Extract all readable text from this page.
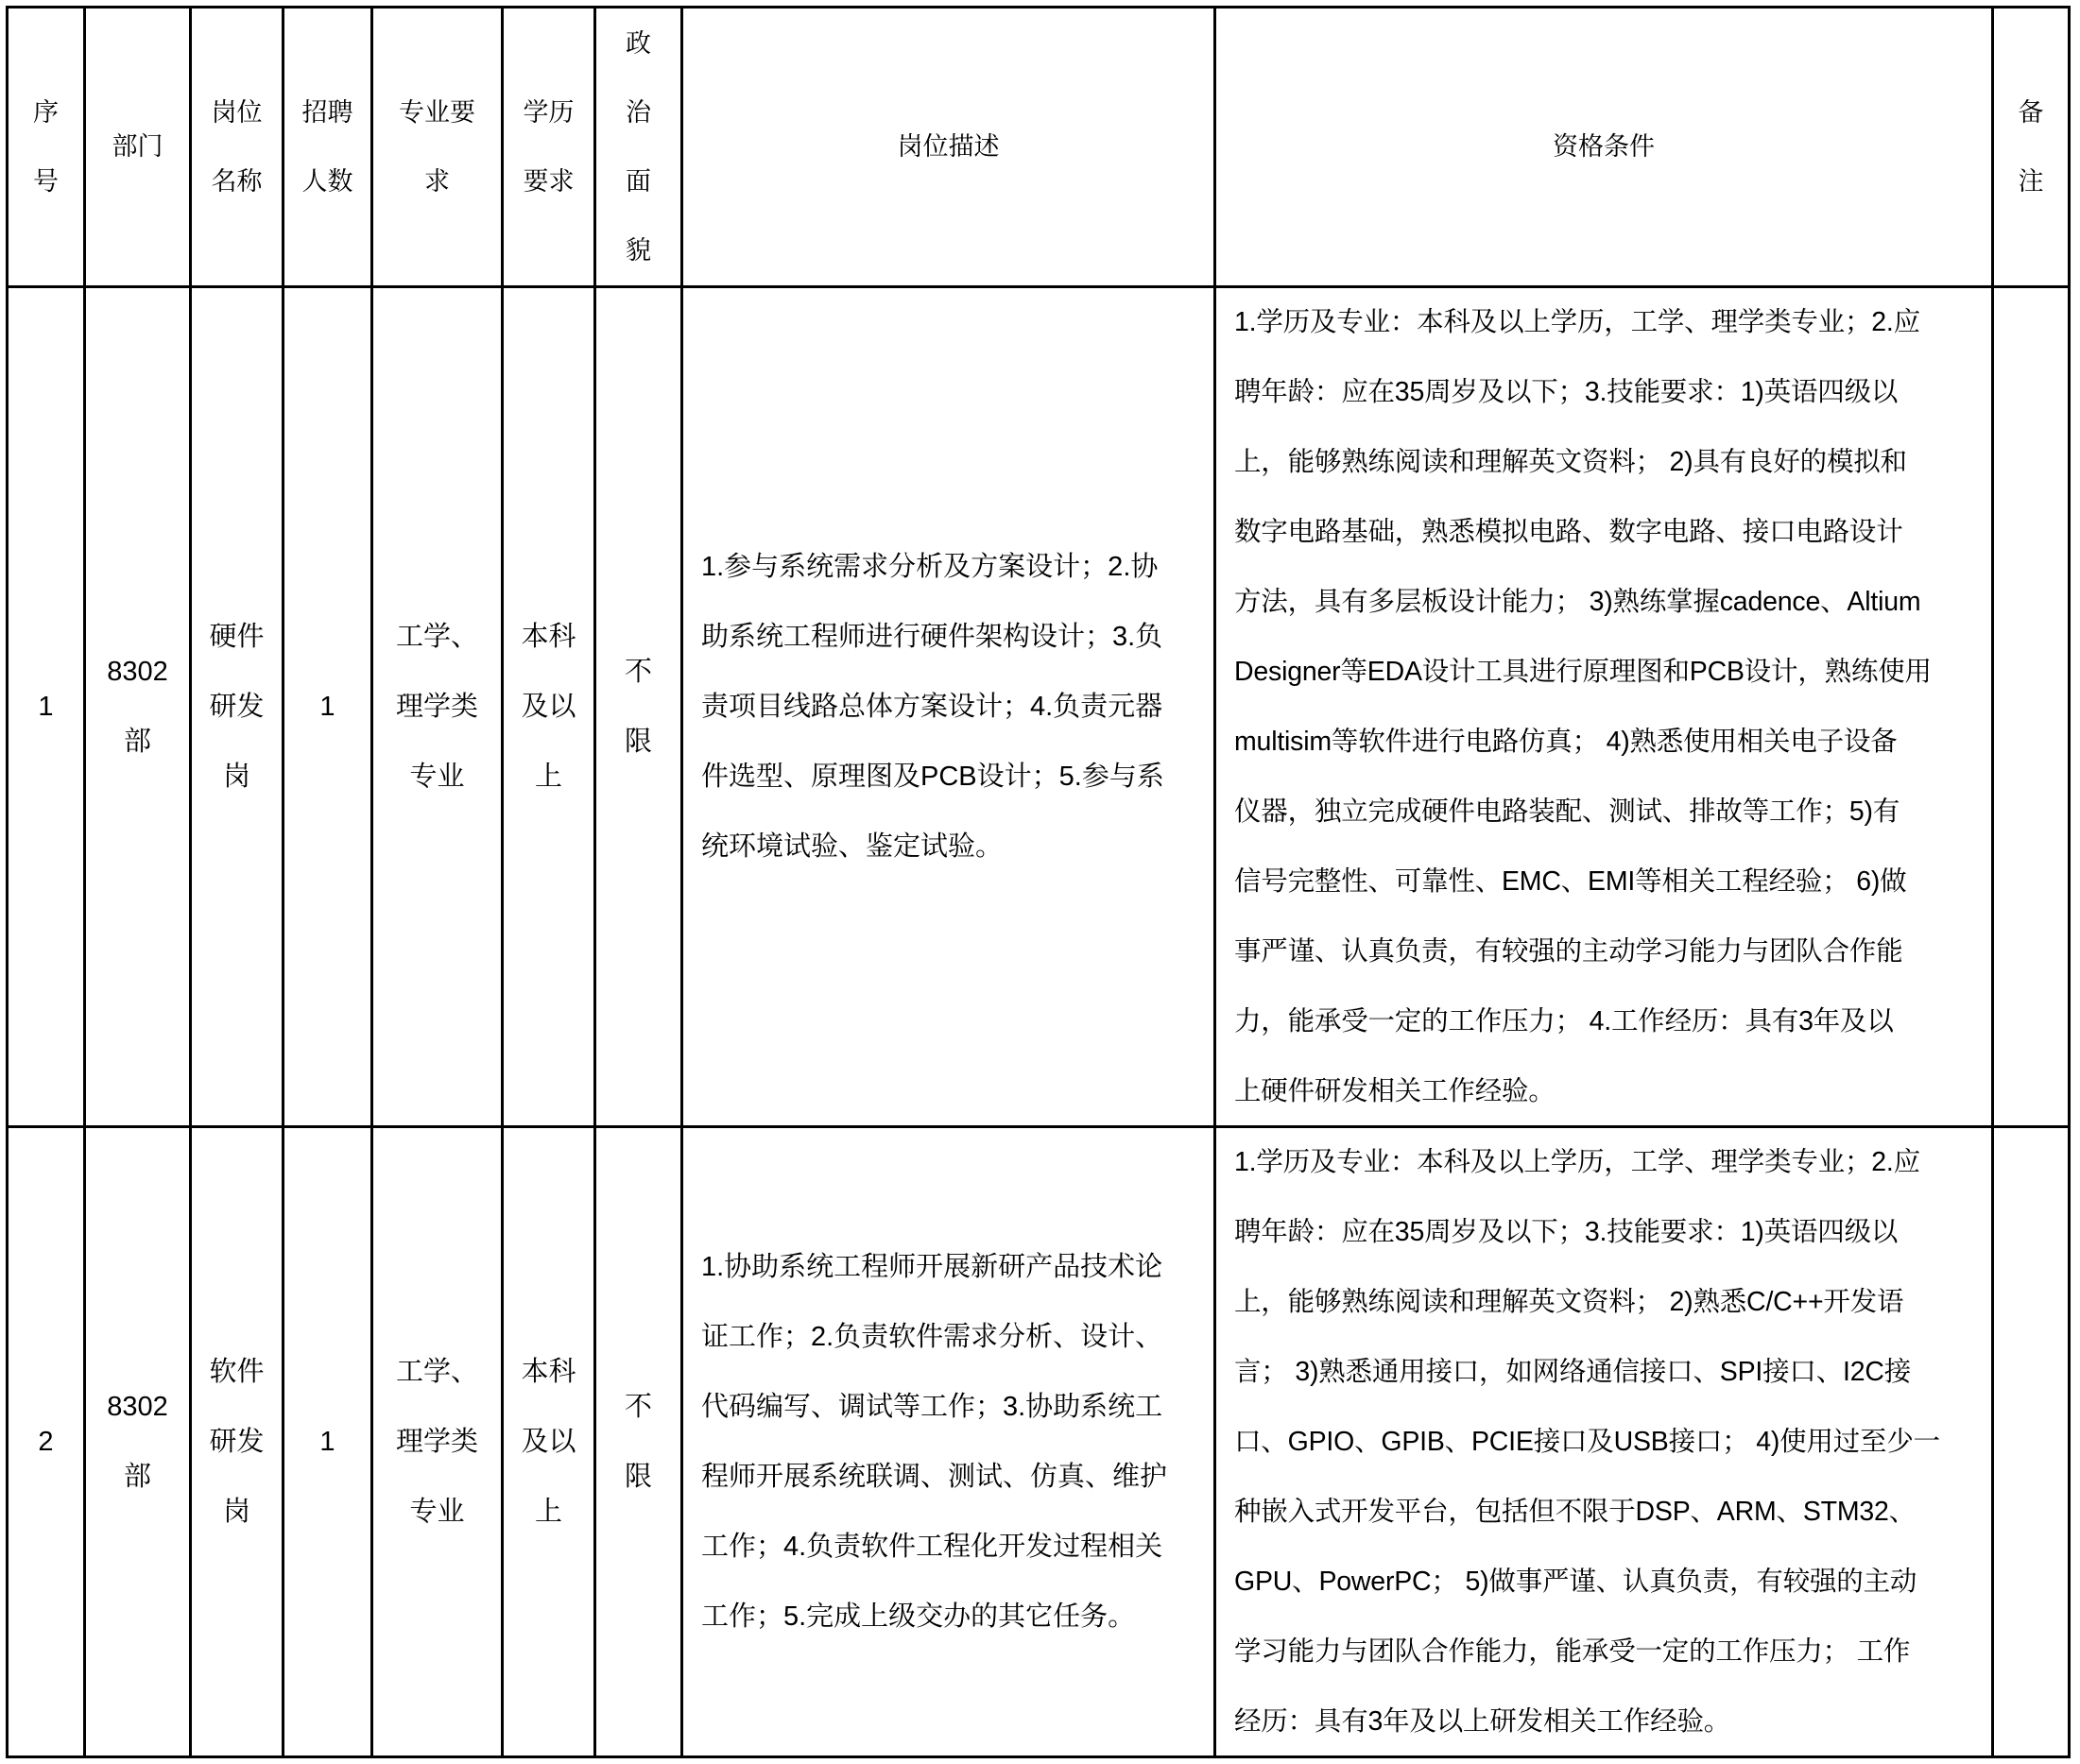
序
号
部门
岗位
名称
招聘
人数
专业要
求
学历
要求
政
治
面
貌
岗位描述	资格条件
备
注
1
8302
部
硬件
研发
岗
1
工学、
理学类
专业
本科
及以
上
不
限
1.参与系统需求分析及方案设计；2.协
助系统工程师进行硬件架构设计；3.负
责项目线路总体方案设计；4.负责元器
件选型、原理图及PCB设计；5.参与系
统环境试验、鉴定试验。
1.学历及专业：本科及以上学历，工学、理学类专业；2.应
聘年龄：应在35周岁及以下；3.技能要求：1)英语四级以
上，能够熟练阅读和理解英文资料； 2)具有良好的模拟和
数字电路基础，熟悉模拟电路、数字电路、接口电路设计
方法，具有多层板设计能力； 3)熟练掌握cadence、Altium
Designer等EDA设计工具进行原理图和PCB设计，熟练使用
multisim等软件进行电路仿真； 4)熟悉使用相关电子设备
仪器，独立完成硬件电路装配、测试、排故等工作；5)有
信号完整性、可靠性、EMC、EMI等相关工程经验； 6)做
事严谨、认真负责，有较强的主动学习能力与团队合作能
力，能承受一定的工作压力； 4.工作经历：具有3年及以
上硬件研发相关工作经验。
2
8302
部
软件
研发
岗
1
工学、
理学类
专业
本科
及以
上
不
限
1.协助系统工程师开展新研产品技术论
证工作；2.负责软件需求分析、设计、
代码编写、调试等工作；3.协助系统工
程师开展系统联调、测试、仿真、维护
工作；4.负责软件工程化开发过程相关
工作；5.完成上级交办的其它任务。
1.学历及专业：本科及以上学历，工学、理学类专业；2.应
聘年龄：应在35周岁及以下；3.技能要求：1)英语四级以
上，能够熟练阅读和理解英文资料； 2)熟悉C/C++开发语
言； 3)熟悉通用接口，如网络通信接口、SPI接口、I2C接
口、GPIO、GPIB、PCIE接口及USB接口； 4)使用过至少一
种嵌入式开发平台，包括但不限于DSP、ARM、STM32、
GPU、PowerPC； 5)做事严谨、认真负责，有较强的主动
学习能力与团队合作能力，能承受一定的工作压力； 工作
经历：具有3年及以上研发相关工作经验。
